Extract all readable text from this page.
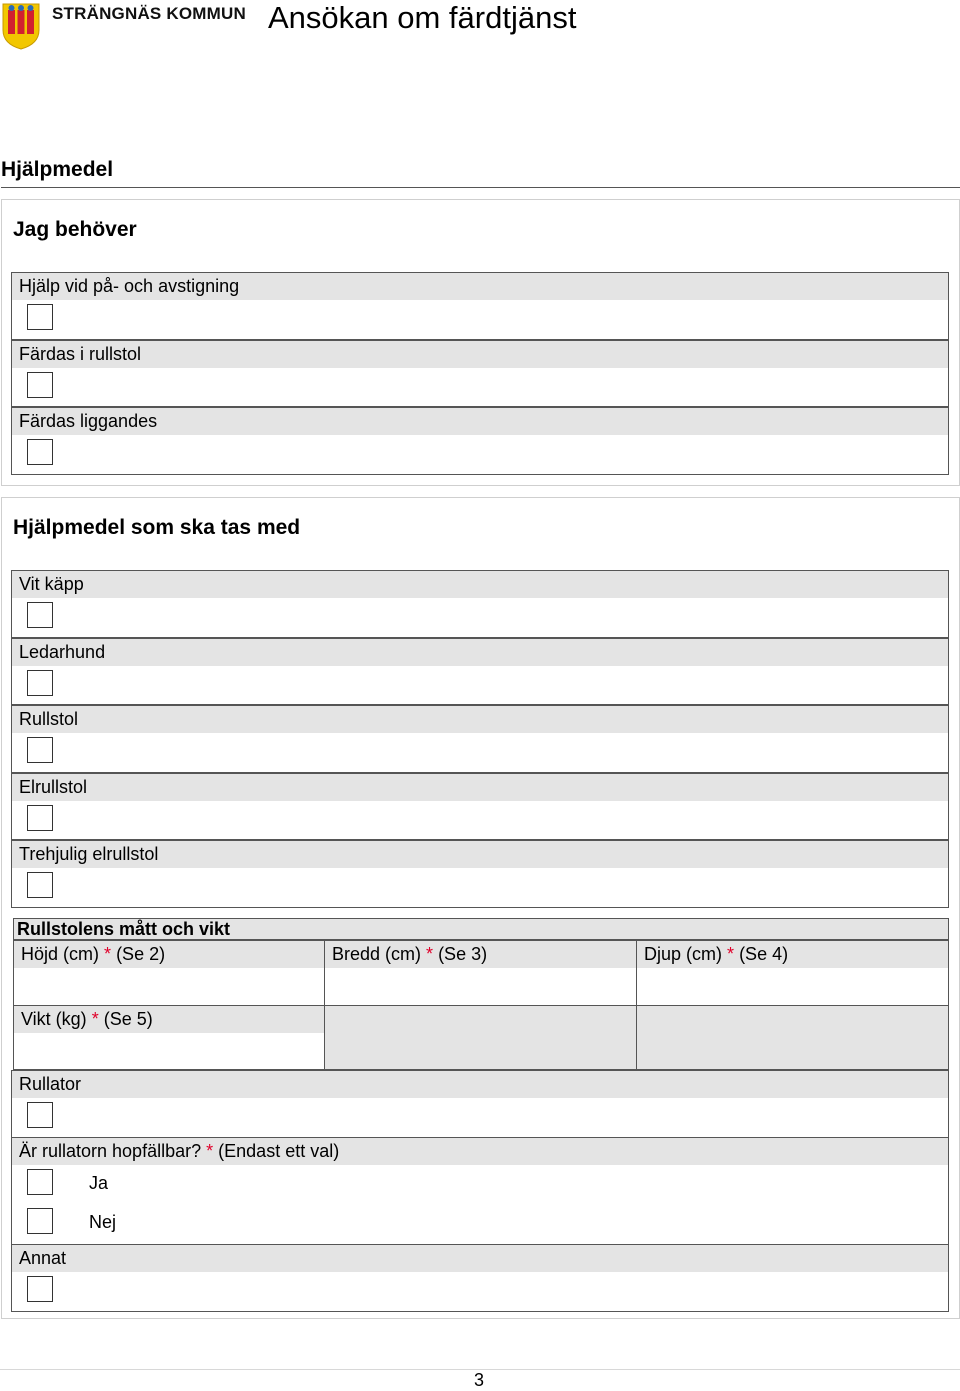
STRÄNGNÄS KOMMUN Ansökan om färdtjänst
Hjälpmedel
Jag behöver
Hjälp vid på- och avstigning
Färdas i rullstol
Färdas liggandes
Hjälpmedel som ska tas med
Vit käpp
Ledarhund
Rullstol
Elrullstol
Trehjulig elrullstol
Rullstolens mått och vikt
Höjd (cm) * (Se 2)	Bredd (cm) * (Se 3)	Djup (cm) * (Se 4)
Vikt (kg) * (Se 5)
Rullator
Är rullatorn hopfällbar? * (Endast ett val)
Ja
Nej
Annat
3
